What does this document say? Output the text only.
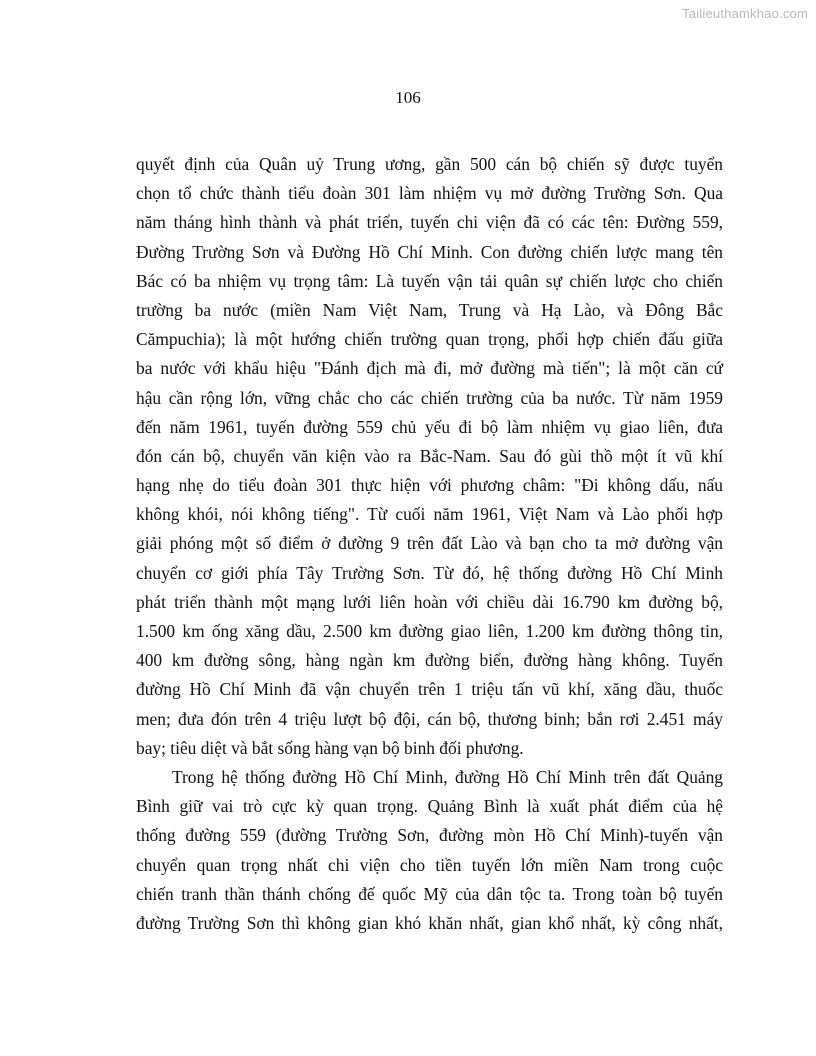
Tailieuthamkhao.com
106
quyết định của Quân uỷ Trung ương, gần 500 cán bộ chiến sỹ được tuyển
chọn tổ chức thành tiểu đoàn 301 làm nhiệm vụ mở đường Trường Sơn. Qua
năm tháng hình thành và phát triển, tuyến chi viện đã có các tên: Đường 559,
Đường Trường Sơn và Đường Hồ Chí Minh. Con đường chiến lược mang tên
Bác có ba nhiệm vụ trọng tâm: Là tuyến vận tải quân sự chiến lược cho chiến
trường ba nước (miền Nam Việt Nam, Trung và Hạ Lào, và Đông Bắc
Cămpuchia); là một hướng chiến trường quan trọng, phối hợp chiến đấu giữa
ba nước với khẩu hiệu "Đánh địch mà đi, mở đường mà tiến"; là một căn cứ
hậu cần rộng lớn, vững chắc cho các chiến trường của ba nước. Từ năm 1959
đến năm 1961, tuyến đường 559 chủ yếu đi bộ làm nhiệm vụ giao liên, đưa
đón cán bộ, chuyển văn kiện vào ra Bắc-Nam. Sau đó gùi thồ một ít vũ khí
hạng nhẹ do tiểu đoàn 301 thực hiện với phương châm: "Đi không dấu, nấu
không khói, nói không tiếng". Từ cuối năm 1961, Việt Nam và Lào phối hợp
giải phóng một số điểm ở đường 9 trên đất Lào và bạn cho ta mở đường vận
chuyển cơ giới phía Tây Trường Sơn. Từ đó, hệ thống đường Hồ Chí Minh
phát triển thành một mạng lưới liên hoàn với chiều dài 16.790 km đường bộ,
1.500 km ống xăng dầu, 2.500 km đường giao liên, 1.200 km đường thông tin,
400 km đường sông, hàng ngàn km đường biển, đường hàng không. Tuyến
đường Hồ Chí Minh đã vận chuyển trên 1 triệu tấn vũ khí, xăng dầu, thuốc
men; đưa đón trên 4 triệu lượt bộ đội, cán bộ, thương binh; bắn rơi 2.451 máy
bay; tiêu diệt và bắt sống hàng vạn bộ binh đối phương.
Trong hệ thống đường Hồ Chí Minh, đường Hồ Chí Minh trên đất Quảng
Bình giữ vai trò cực kỳ quan trọng. Quảng Bình là xuất phát điểm của hệ
thống đường 559 (đường Trường Sơn, đường mòn Hồ Chí Minh)-tuyến vận
chuyển quan trọng nhất chi viện cho tiền tuyến lớn miền Nam trong cuộc
chiến tranh thần thánh chống đế quốc Mỹ của dân tộc ta. Trong toàn bộ tuyến
đường Trường Sơn thì không gian khó khăn nhất, gian khổ nhất, kỳ công nhất,
